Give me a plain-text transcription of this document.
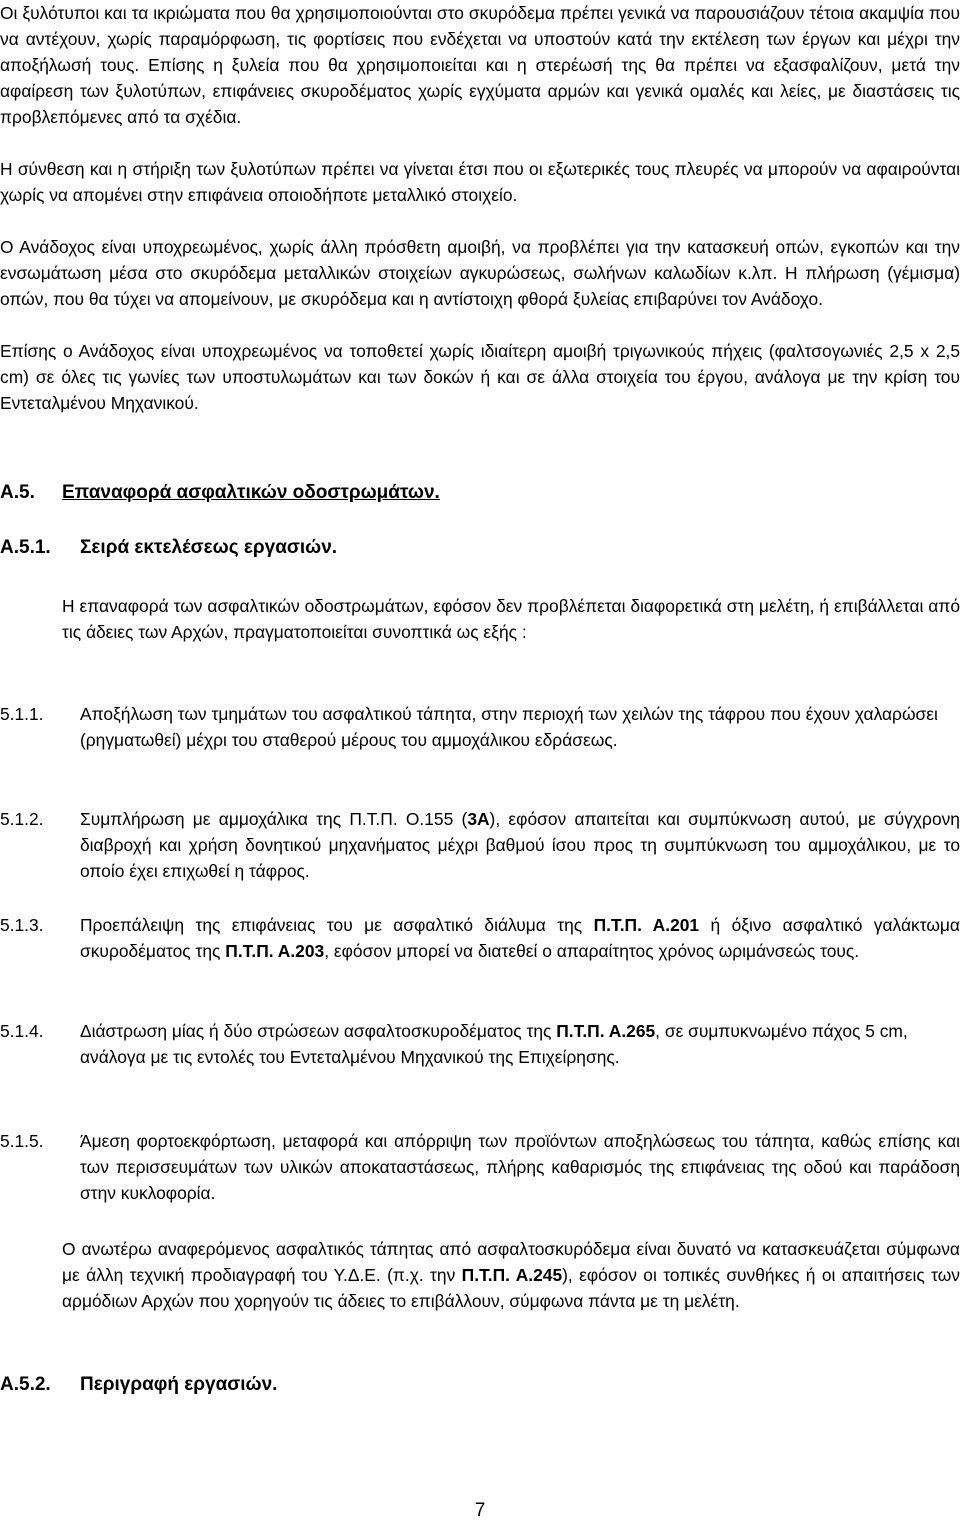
Οι ξυλότυποι και τα ικριώματα που θα χρησιμοποιούνται στο σκυρόδεμα πρέπει γενικά να παρουσιάζουν τέτοια ακαμψία που να αντέχουν, χωρίς παραμόρφωση, τις φορτίσεις που ενδέχεται να υποστούν κατά την εκτέλεση των έργων και μέχρι την αποξήλωσή τους. Επίσης η ξυλεία που θα χρησιμοποιείται και η στερέωσή της θα πρέπει να εξασφαλίζουν, μετά την αφαίρεση των ξυλοτύπων, επιφάνειες σκυροδέματος χωρίς εγχύματα αρμών και γενικά ομαλές και λείες, με διαστάσεις τις προβλεπόμενες από τα σχέδια.

Η σύνθεση και η στήριξη των ξυλοτύπων πρέπει να γίνεται έτσι που οι εξωτερικές τους πλευρές να μπορούν να αφαιρούνται χωρίς να απομένει στην επιφάνεια οποιοδήποτε μεταλλικό στοιχείο.

Ο Ανάδοχος είναι υποχρεωμένος, χωρίς άλλη πρόσθετη αμοιβή, να προβλέπει για την κατασκευή οπών, εγκοπών και την ενσωμάτωση μέσα στο σκυρόδεμα μεταλλικών στοιχείων αγκυρώσεως, σωλήνων καλωδίων κ.λπ. Η πλήρωση (γέμισμα) οπών, που θα τύχει να απομείνουν, με σκυρόδεμα και η αντίστοιχη φθορά ξυλείας επιβαρύνει τον Ανάδοχο.

Επίσης ο Ανάδοχος είναι υποχρεωμένος να τοποθετεί χωρίς ιδιαίτερη αμοιβή τριγωνικούς πήχεις (φαλτσογωνιές 2,5 x 2,5 cm) σε όλες τις γωνίες των υποστυλωμάτων και των δοκών ή και σε άλλα στοιχεία του έργου, ανάλογα με την κρίση του Εντεταλμένου Μηχανικού.

Α.5. Επαναφορά ασφαλτικών οδοστρωμάτων.
Α.5.1. Σειρά εκτελέσεως εργασιών.

Η επαναφορά των ασφαλτικών οδοστρωμάτων, εφόσον δεν προβλέπεται διαφορετικά στη μελέτη, ή επιβάλλεται από τις άδειες των Αρχών, πραγματοποιείται συνοπτικά ως εξής :

5.1.1.	Αποξήλωση των τμημάτων του ασφαλτικού τάπητα, στην περιοχή των χειλών της τάφρου που έχουν χαλαρώσει (ρηγματωθεί) μέχρι του σταθερού μέρους του αμμοχάλικου εδράσεως.
5.1.2.	Συμπλήρωση με αμμοχάλικα της Π.Τ.Π. Ο.155 (3Α), εφόσον απαιτείται και συμπύκνωση αυτού, με σύγχρονη διαβροχή και χρήση δονητικού μηχανήματος μέχρι βαθμού ίσου προς τη συμπύκνωση του αμμοχάλικου, με το οποίο έχει επιχωθεί η τάφρος.
5.1.3.	Προεπάλειψη της επιφάνειας του με ασφαλτικό διάλυμα της Π.Τ.Π. Α.201 ή όξινο ασφαλτικό γαλάκτωμα σκυροδέματος της Π.Τ.Π. Α.203, εφόσον μπορεί να διατεθεί ο απαραίτητος χρόνος ωριμάνσεώς τους.
5.1.4.	Διάστρωση μίας ή δύο στρώσεων ασφαλτοσκυροδέματος της Π.Τ.Π. Α.265, σε συμπυκνωμένο πάχος 5 cm, ανάλογα με τις εντολές του Εντεταλμένου Μηχανικού της Επιχείρησης.
5.1.5.	Άμεση φορτοεκφόρτωση, μεταφορά και απόρριψη των προϊόντων αποξηλώσεως του τάπητα, καθώς επίσης και των περισσευμάτων των υλικών αποκαταστάσεως, πλήρης καθαρισμός της επιφάνειας της οδού και παράδοση στην κυκλοφορία.

Ο ανωτέρω αναφερόμενος ασφαλτικός τάπητας από ασφαλτοσκυρόδεμα είναι δυνατό να κατασκευάζεται σύμφωνα με άλλη τεχνική προδιαγραφή του Υ.Δ.Ε. (π.χ. την Π.Τ.Π. Α.245), εφόσον οι τοπικές συνθήκες ή οι απαιτήσεις των αρμόδιων Αρχών που χορηγούν τις άδειες το επιβάλλουν, σύμφωνα πάντα με τη μελέτη.

Α.5.2. Περιγραφή εργασιών.
7
